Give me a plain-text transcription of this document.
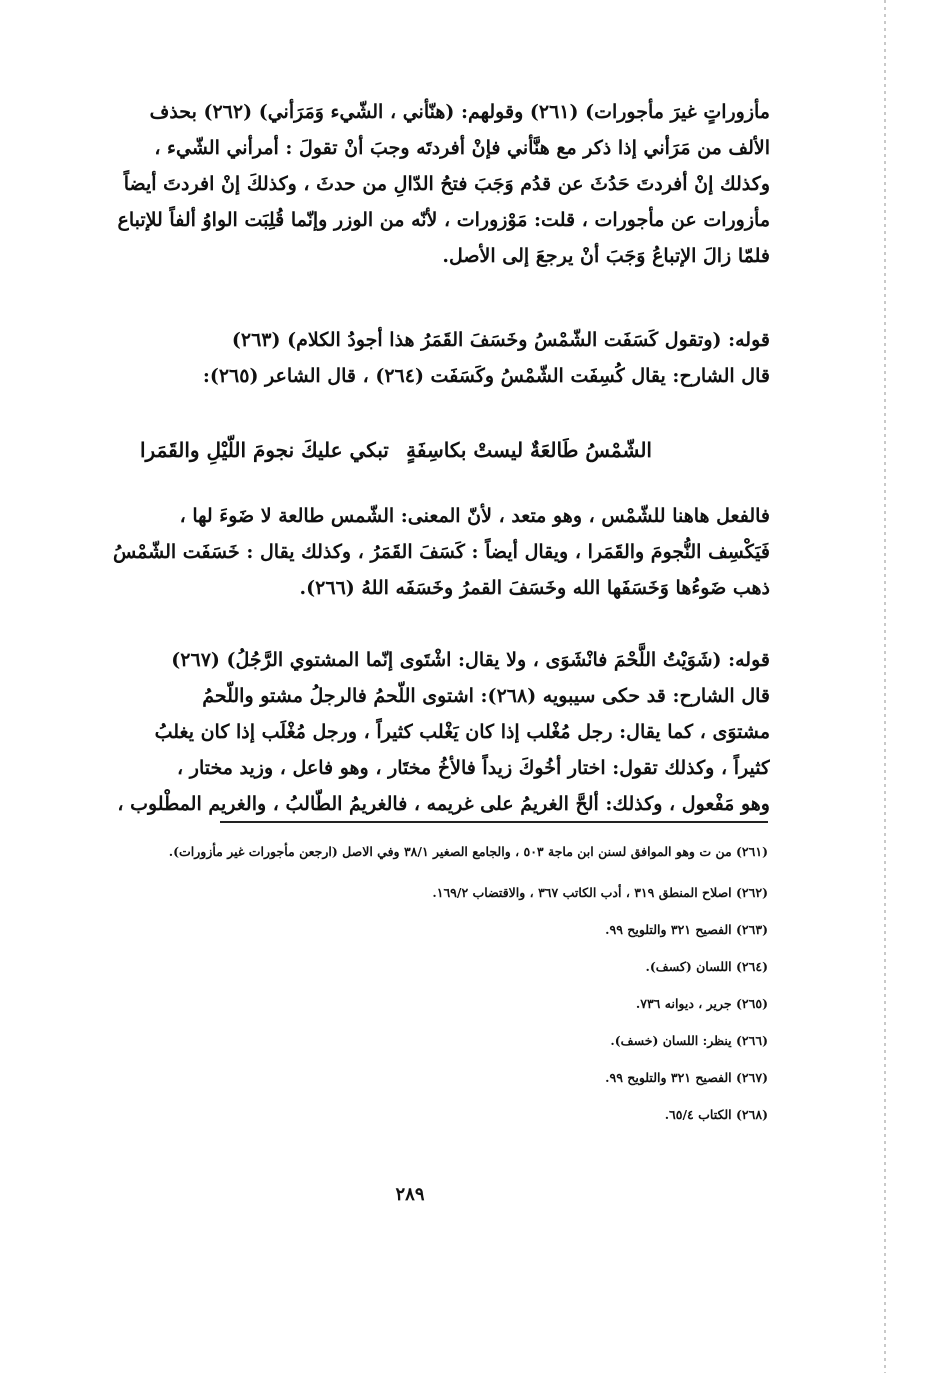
مأزوراتٍ غيرَ مأجورات) (٢٦١) وقولهم: (هنّأني ، الشّيء وَمَرَأني) (٢٦٢) بحذف
الألف من مَرَأني إذا ذكر مع هنَّأني فإنْ أفردتَه وجبَ أنْ تقولَ : أمرأني الشّيء ،
وكذلك إنْ أفردتَ حَدُثَ عن قدُم وَجَبَ فتحُ الدّالِ من حدثَ ، وكذلكَ إنْ افردتَ أيضاً
مأزورات عن مأجورات ، قلت: مَوْزورات ، لأنّه من الوزر وإنّما قُلِبَت الواوُ ألفاً للإتباع
فلمّا زالَ الإتباعُ وَجَبَ أنْ يرجعَ إلى الأصل.
قوله: (وتقول كَسَفَت الشّمْسُ وخَسَفَ القَمَرُ هذا أجودُ الكلام) (٢٦٣)
قال الشارح: يقال كُسِفَت الشّمْسُ وكَسَفَت (٢٦٤) ، قال الشاعر (٢٦٥):
الشّمْسُ طَالعَةٌ ليستْ بكاسِفَةٍ
تبكي عليكَ نجومَ اللّيْلِ والقَمَرا
فالفعل هاهنا للشّمْس ، وهو متعد ، لأنّ المعنى: الشّمس طالعة لا ضَوءَ لها ،
فَيَكْسِف النُّجومَ والقَمَرا ، ويقال أيضاً : كَسَفَ القَمَرُ ، وكذلك يقال : خَسَفَت الشّمْسُ
ذهب ضَوءُها وَخَسَفَها الله وخَسَفَ القمرُ وخَسَفَه اللهُ (٢٦٦).
قوله: (شَوَيْتُ اللَّحْمَ فانْشَوَى ، ولا يقال: اشْتَوى إنّما المشتوي الرَّجُلُ) (٢٦٧)
قال الشارح: قد حكى سيبويه (٢٦٨): اشتوى اللّحمُ فالرجلُ مشتو واللّحمُ
مشتوَى ، كما يقال: رجل مُغْلب إذا كان يَغْلب كثيراً ، ورجل مُغْلَب إذا كان يغلبُ
كثيراً ، وكذلك تقول: اختار أخُوكَ زيداً فالأخُ مختَار ، وهو فاعل ، وزيد مختار ،
وهو مَفْعول ، وكذلك: ألحَّ الغريمُ على غريمه ، فالغريمُ الطّالبُ ، والغريم المطْلوب ،
(٢٦١) من ت وهو الموافق لسنن ابن ماجة ٥٠٣ ، والجامع الصغير ٣٨/١ وفي الاصل (ارجعن مأجورات غير مأزورات).
(٢٦٢) اصلاح المنطق ٣١٩ ، أدب الكاتب ٣٦٧ ، والاقتضاب ١٦٩/٢.
(٢٦٣) الفصيح ٣٢١ والتلويح ٩٩.
(٢٦٤) اللسان (كسف).
(٢٦٥) جرير ، ديوانه ٧٣٦.
(٢٦٦) ينظر: اللسان (خسف).
(٢٦٧) الفصيح ٣٢١ والتلويح ٩٩.
(٢٦٨) الكتاب ٦٥/٤.
٢٨٩
